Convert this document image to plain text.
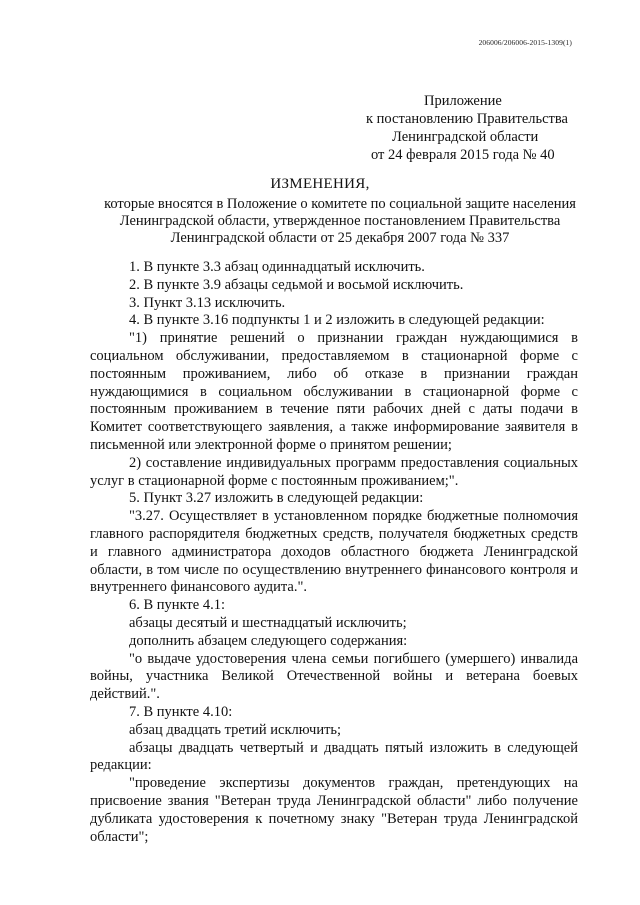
206006/206006-2015-1309(1)
Приложение
к постановлению Правительства
Ленинградской области
от 24 февраля 2015 года № 40
ИЗМЕНЕНИЯ,
которые вносятся в Положение о комитете по социальной защите населения Ленинградской области, утвержденное постановлением Правительства Ленинградской области от 25 декабря 2007 года № 337

1. В пункте 3.3 абзац одиннадцатый исключить.

2. В пункте 3.9 абзацы седьмой и восьмой исключить.

3. Пункт 3.13 исключить.

4. В пункте 3.16 подпункты 1 и 2 изложить в следующей редакции:

"1) принятие решений о признании граждан нуждающимися в социальном обслуживании, предоставляемом в стационарной форме с постоянным проживанием, либо об отказе в признании граждан нуждающимися в социальном обслуживании в стационарной форме с постоянным проживанием в течение пяти рабочих дней с даты подачи в Комитет соответствующего заявления, а также информирование заявителя в письменной или электронной форме о принятом решении;

2) составление индивидуальных программ предоставления социальных услуг в стационарной форме с постоянным проживанием;".

5. Пункт 3.27 изложить в следующей редакции:

"3.27. Осуществляет в установленном порядке бюджетные полномочия главного распорядителя бюджетных средств, получателя бюджетных средств и главного администратора доходов областного бюджета Ленинградской области, в том числе по осуществлению внутреннего финансового контроля и внутреннего финансового аудита.".

6. В пункте 4.1:

абзацы десятый и шестнадцатый исключить;

дополнить абзацем следующего содержания:

"о выдаче удостоверения члена семьи погибшего (умершего) инвалида войны, участника Великой Отечественной войны и ветерана боевых действий.".

7. В пункте 4.10:

абзац двадцать третий исключить;

абзацы двадцать четвертый и двадцать пятый изложить в следующей редакции:

"проведение экспертизы документов граждан, претендующих на присвоение звания "Ветеран труда Ленинградской области" либо получение дубликата удостоверения к почетному знаку "Ветеран труда Ленинградской области";
